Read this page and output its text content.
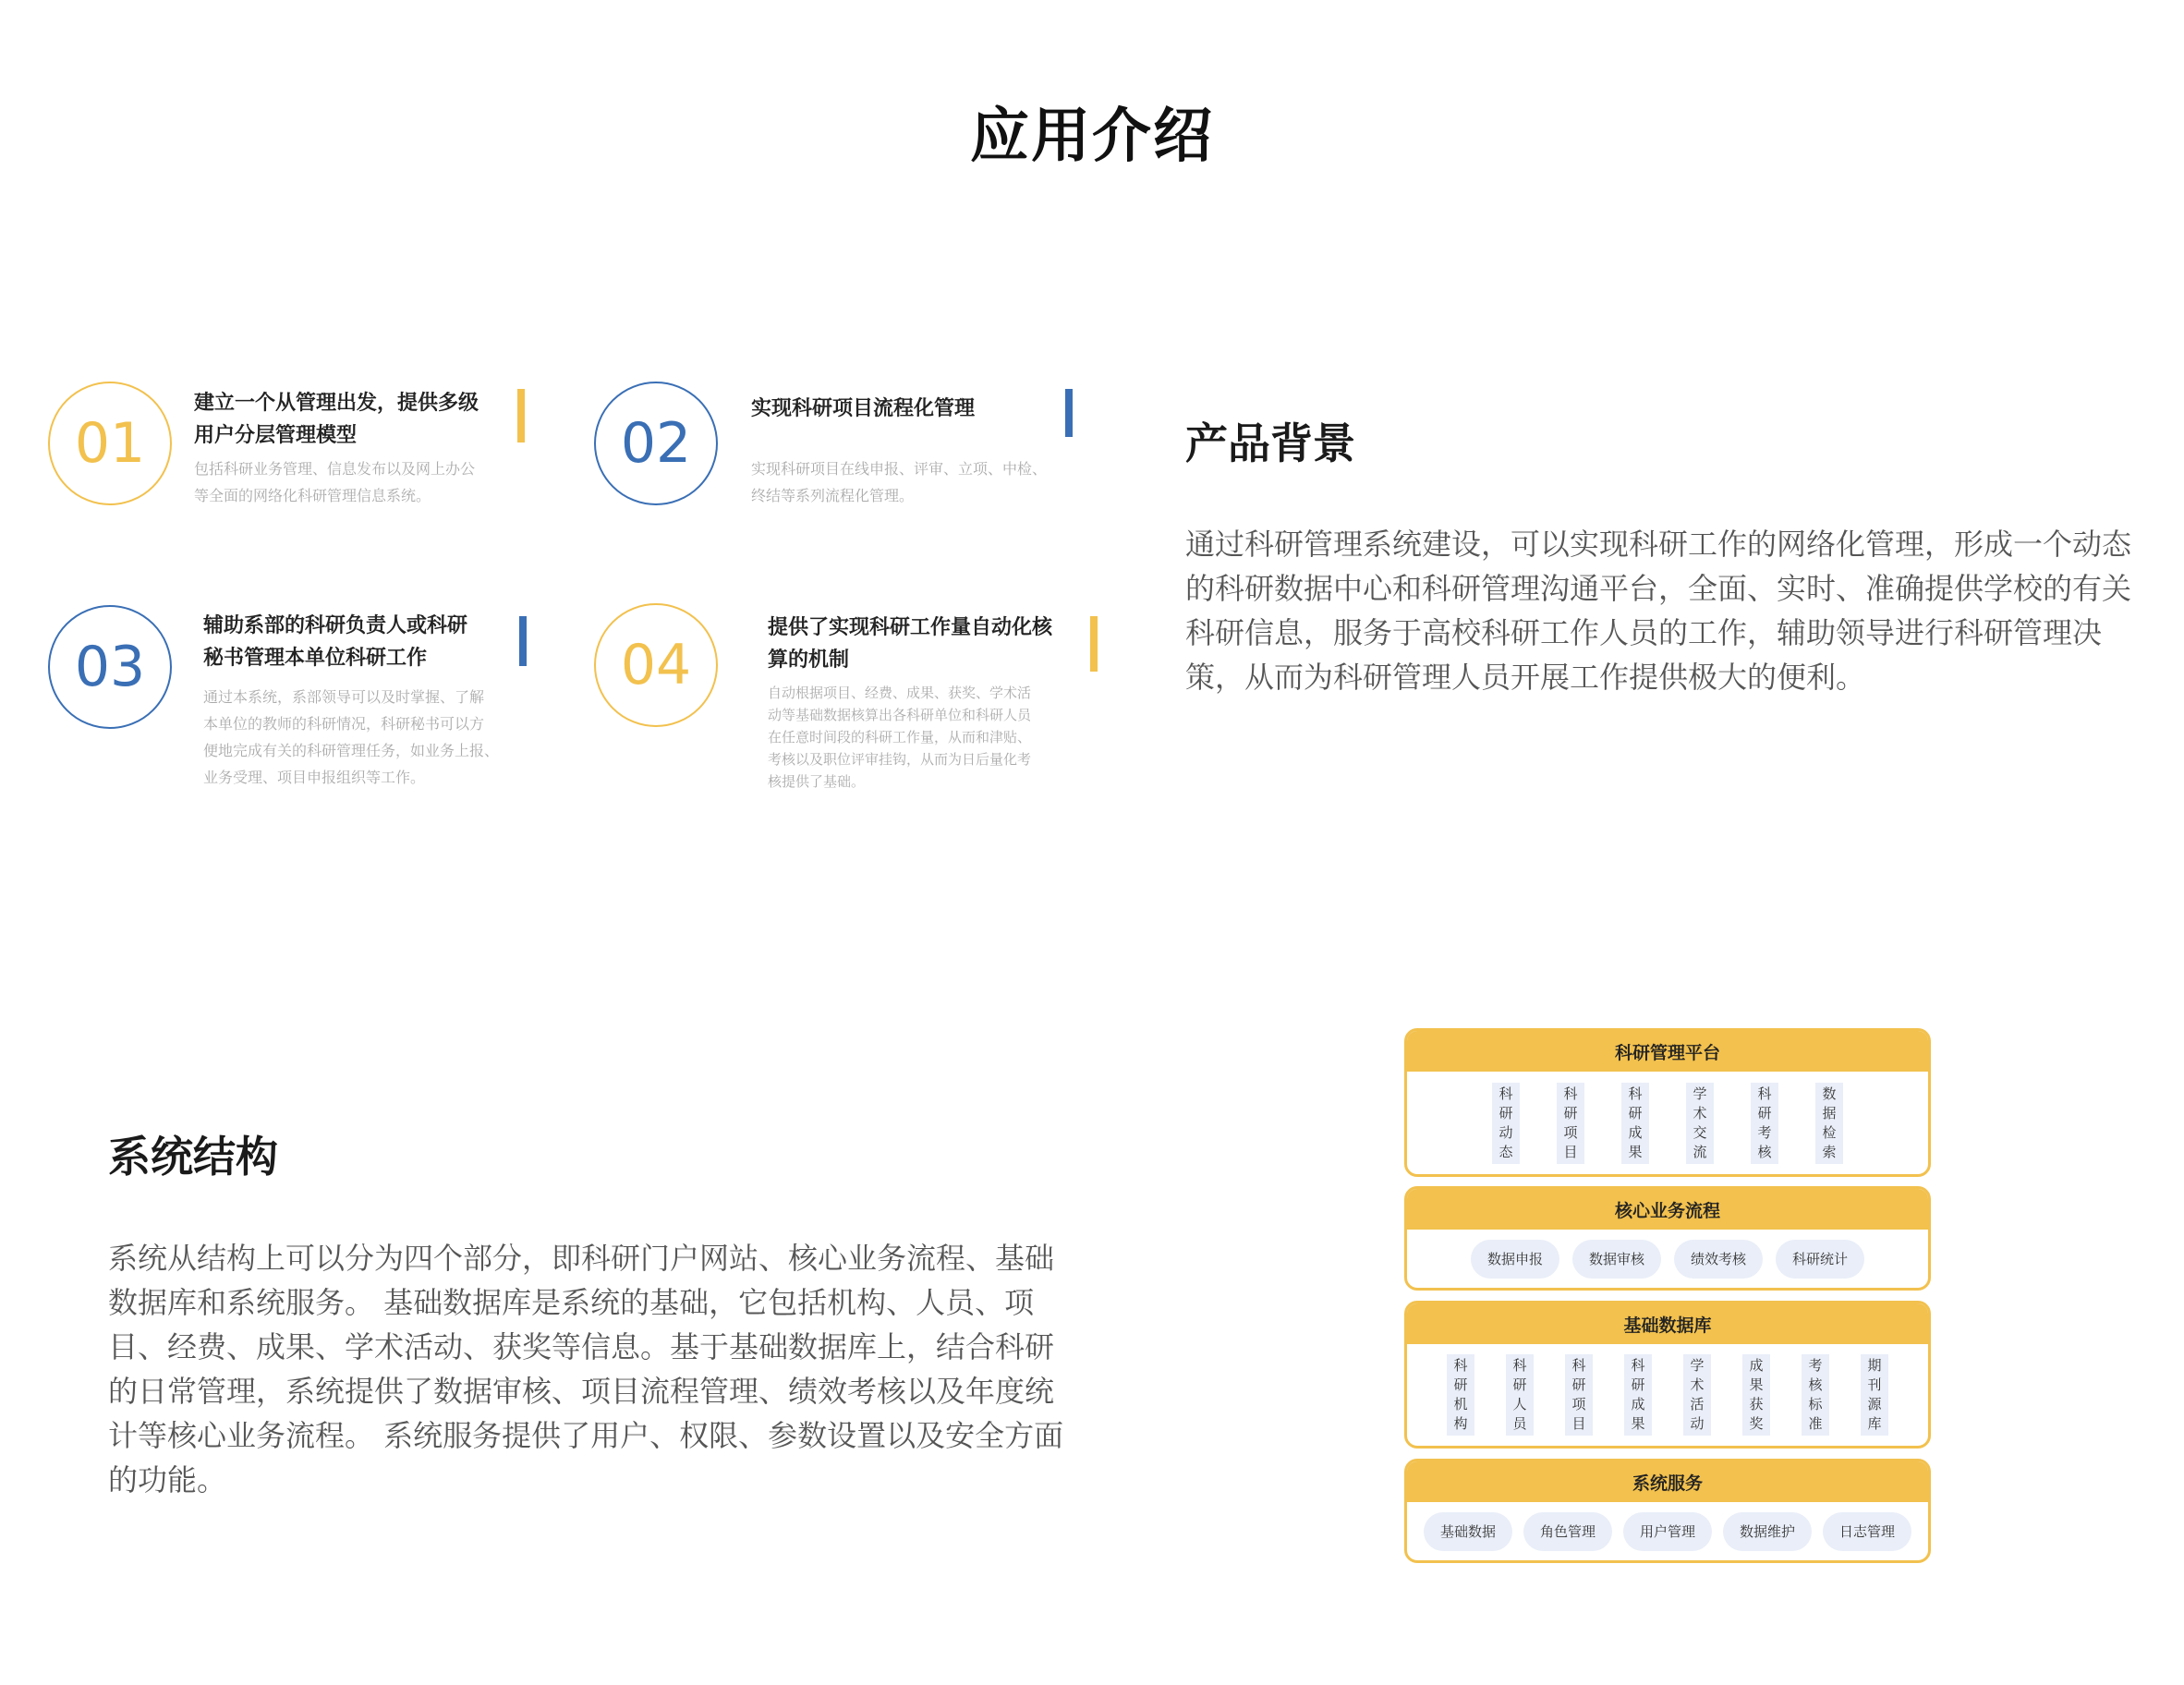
应用介绍
01
建立一个从管理出发，提供多级
用户分层管理模型
包括科研业务管理、信息发布以及网上办公
等全面的网络化科研管理信息系统。
02
实现科研项目流程化管理
实现科研项目在线申报、评审、立项、中检、
终结等系列流程化管理。
03
辅助系部的科研负责人或科研
秘书管理本单位科研工作
通过本系统，系部领导可以及时掌握、了解
本单位的教师的科研情况，科研秘书可以方
便地完成有关的科研管理任务，如业务上报、
业务受理、项目申报组织等工作。
04
提供了实现科研工作量自动化核
算的机制
自动根据项目、经费、成果、获奖、学术活
动等基础数据核算出各科研单位和科研人员
在任意时间段的科研工作量，从而和津贴、
考核以及职位评审挂钩，从而为日后量化考
核提供了基础。
产品背景
通过科研管理系统建设，可以实现科研工作的网络化管理，形成一个动态
的科研数据中心和科研管理沟通平台，全面、实时、准确提供学校的有关
科研信息，服务于高校科研工作人员的工作，辅助领导进行科研管理决
策，从而为科研管理人员开展工作提供极大的便利。
系统结构
系统从结构上可以分为四个部分，即科研门户网站、核心业务流程、基础
数据库和系统服务。 基础数据库是系统的基础，它包括机构、人员、项
目、经费、成果、学术活动、获奖等信息。基于基础数据库上，结合科研
的日常管理，系统提供了数据审核、项目流程管理、绩效考核以及年度统
计等核心业务流程。 系统服务提供了用户、权限、参数设置以及安全方面
的功能。
科研管理平台
科
研
动
态
科
研
项
目
科
研
成
果
学
术
交
流
科
研
考
核
数
据
检
索
核心业务流程
数据申报	数据审核	绩效考核	科研统计
基础数据库
科
研
机
构
科
研
人
员
科
研
项
目
科
研
成
果
学
术
活
动
成
果
获
奖
考
核
标
准
期
刊
源
库
系统服务
基础数据	角色管理	用户管理	数据维护	日志管理
